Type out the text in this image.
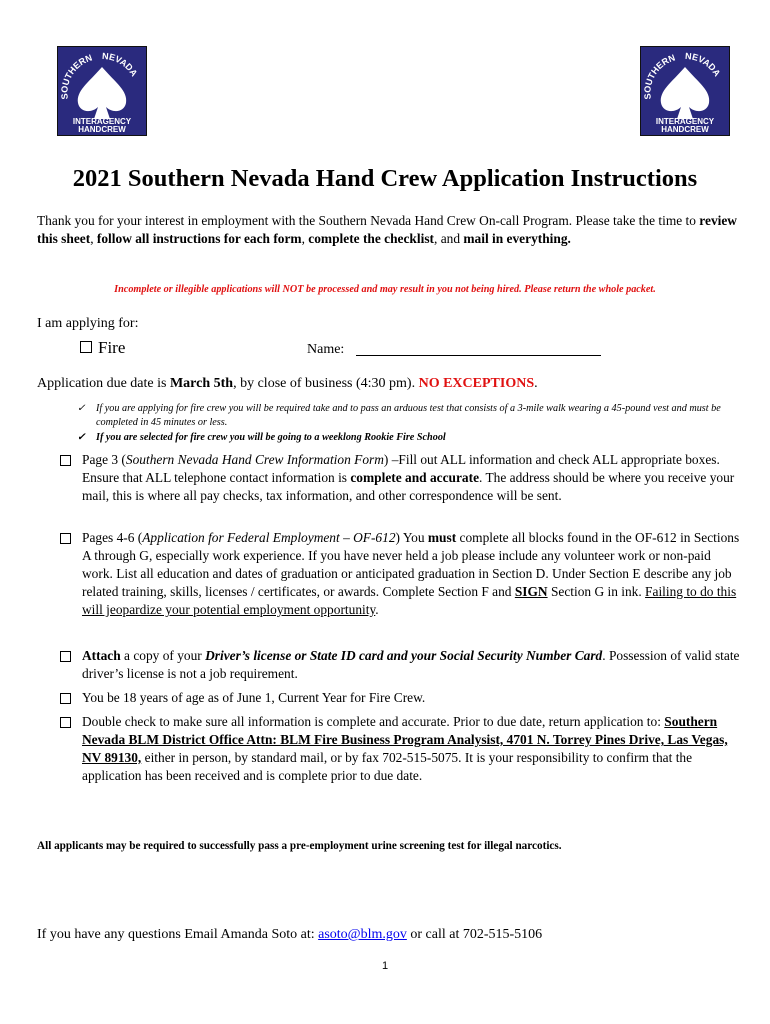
SOUTHERN NEVADA
INTERAGENCY
HANDCREW
SOUTHERN NEVADA
INTERAGENCY
HANDCREW
2021 Southern Nevada Hand Crew Application Instructions
Thank you for your interest in employment with the Southern Nevada Hand Crew On-call Program. Please take the time to review this sheet, follow all instructions for each form, complete the checklist, and mail in everything.
Incomplete or illegible applications will NOT be processed and may result in you not being hired. Please return the whole packet.
I am applying for:
Fire	Name:
Application due date is March 5th, by close of business (4:30 pm). NO EXCEPTIONS.
✓ If you are applying for fire crew you will be required take and to pass an arduous test that consists of a 3-mile walk wearing a 45-pound vest and must be completed in 45 minutes or less.
✓ If you are selected for fire crew you will be going to a weeklong Rookie Fire School
Page 3 (Southern Nevada Hand Crew Information Form) –Fill out ALL information and check ALL appropriate boxes. Ensure that ALL telephone contact information is complete and accurate. The address should be where you receive your mail, this is where all pay checks, tax information, and other correspondence will be sent.
Pages 4-6 (Application for Federal Employment – OF-612) You must complete all blocks found in the OF-612 in Sections A through G, especially work experience. If you have never held a job please include any volunteer work or non-paid work. List all education and dates of graduation or anticipated graduation in Section D. Under Section E describe any job related training, skills, licenses / certificates, or awards. Complete Section F and SIGN Section G in ink. Failing to do this will jeopardize your potential employment opportunity.
Attach a copy of your Driver’s license or State ID card and your Social Security Number Card. Possession of valid state driver’s license is not a job requirement.
You be 18 years of age as of June 1, Current Year for Fire Crew.
Double check to make sure all information is complete and accurate. Prior to due date, return application to: Southern Nevada BLM District Office Attn: BLM Fire Business Program Analysist, 4701 N. Torrey Pines Drive, Las Vegas, NV 89130, either in person, by standard mail, or by fax 702-515-5075. It is your responsibility to confirm that the application has been received and is complete prior to due date.
All applicants may be required to successfully pass a pre-employment urine screening test for illegal narcotics.
If you have any questions Email Amanda Soto at: asoto@blm.gov or call at 702-515-5106
1
